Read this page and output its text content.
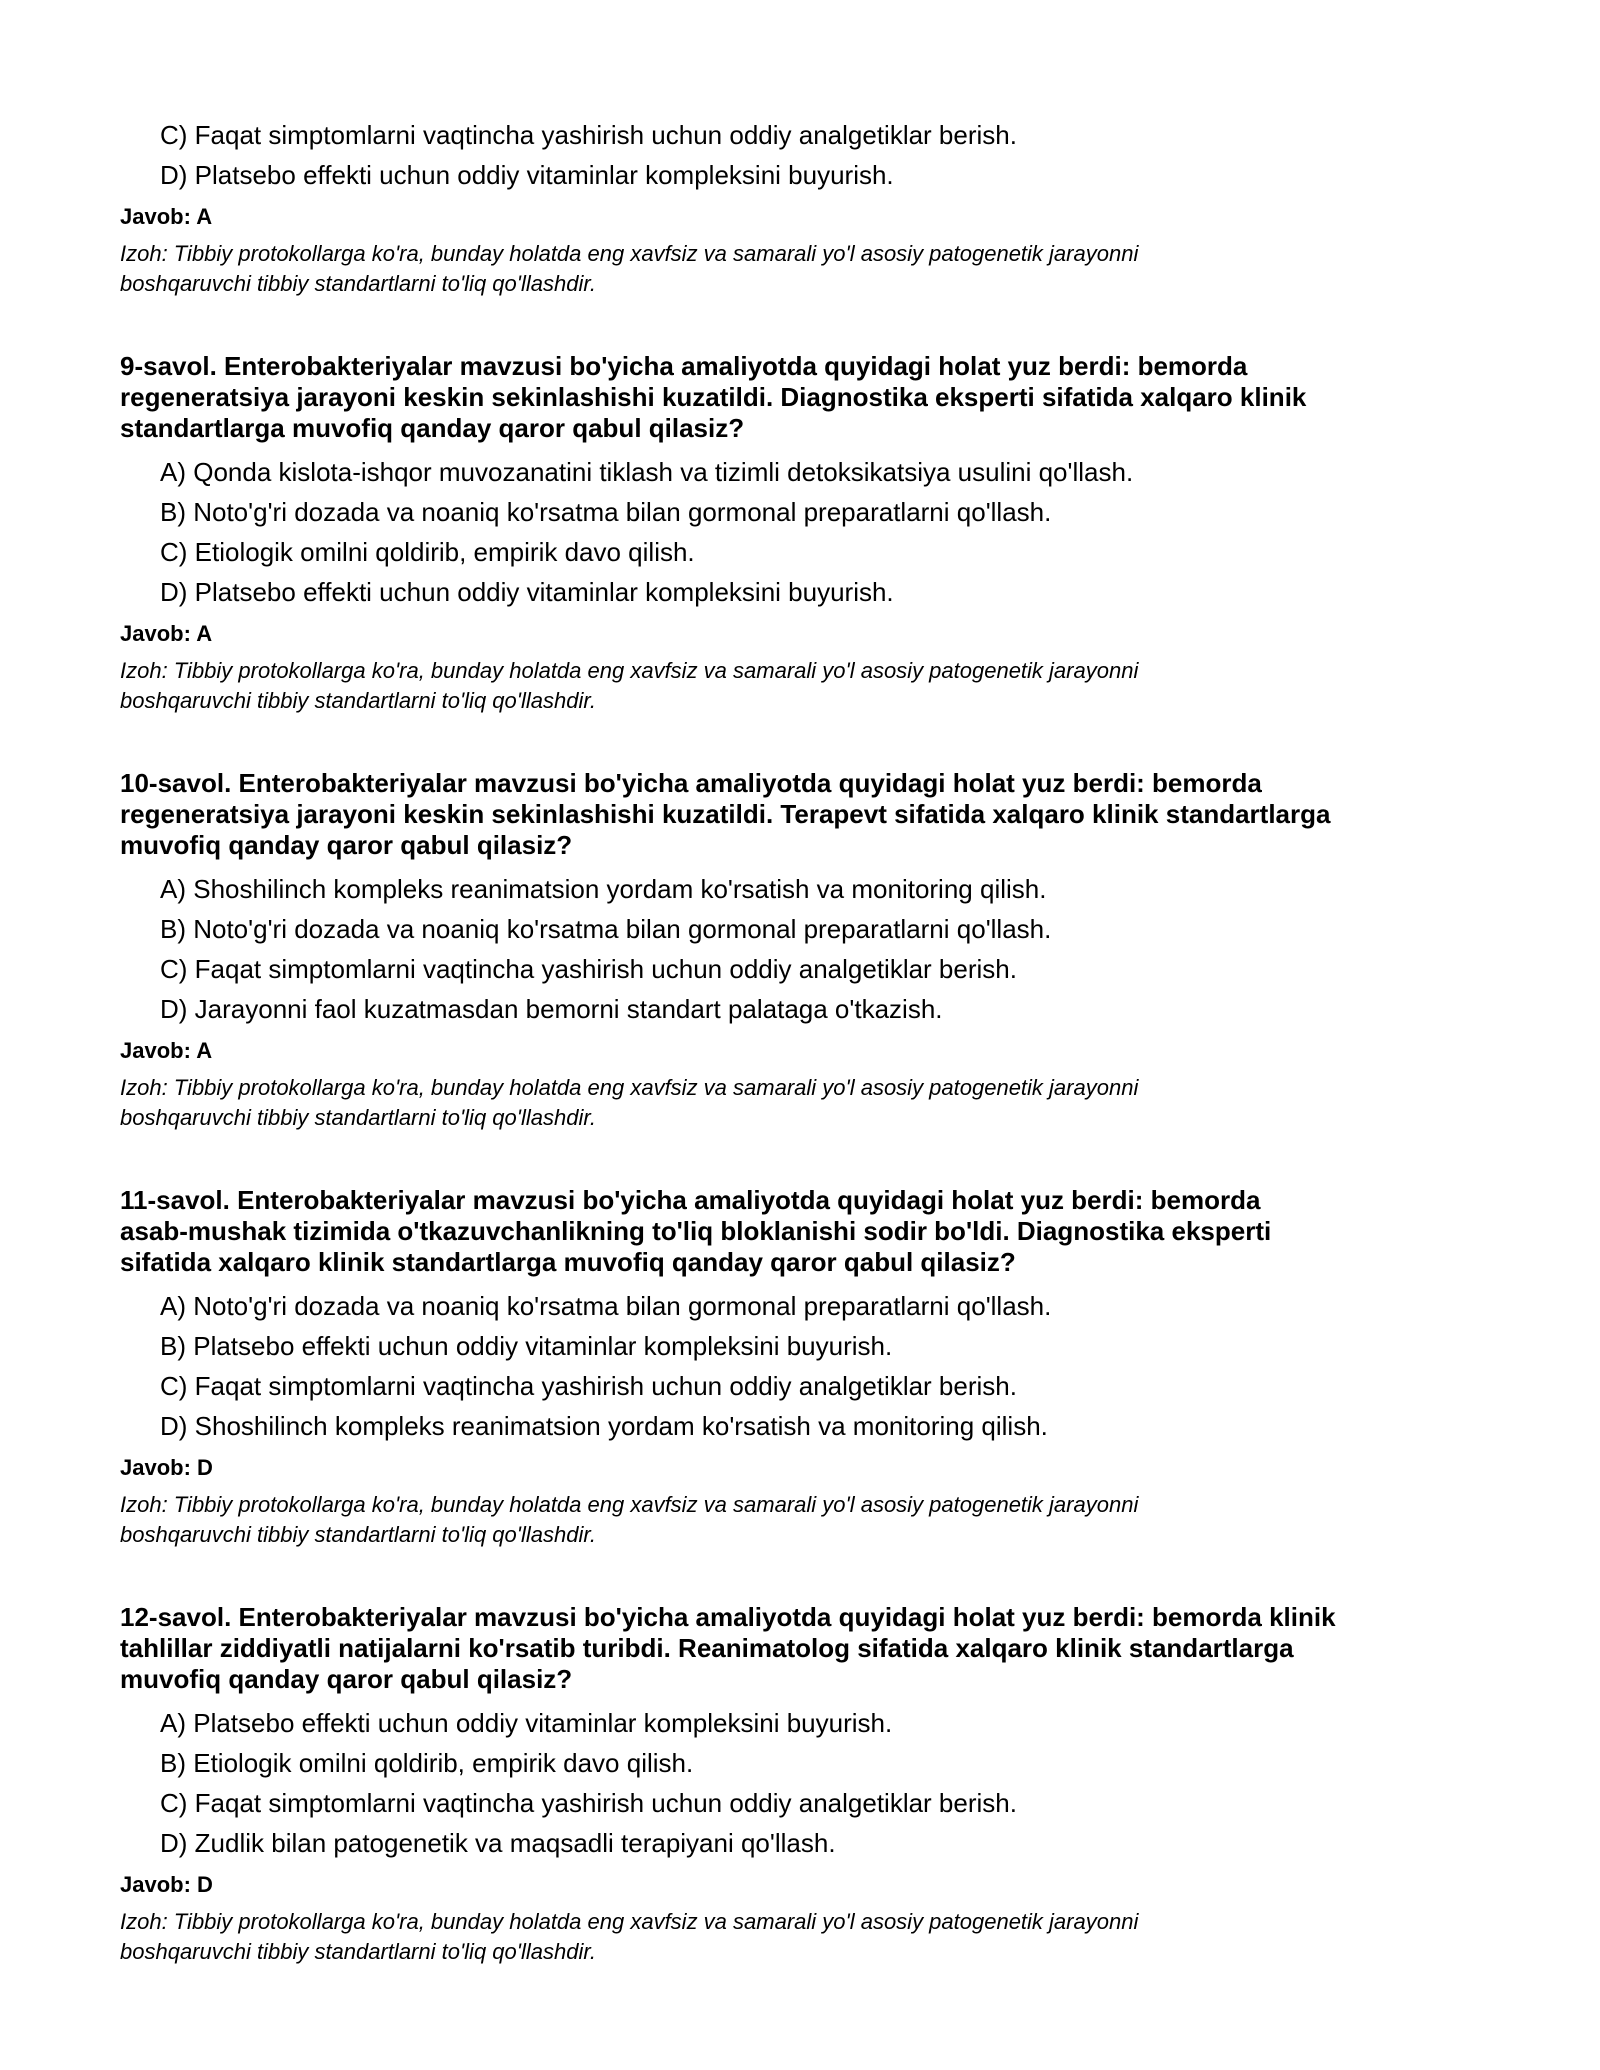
C) Faqat simptomlarni vaqtincha yashirish uchun oddiy analgetiklar berish.
D) Platsebo effekti uchun oddiy vitaminlar kompleksini buyurish.
Javob: A
Izoh: Tibbiy protokollarga ko'ra, bunday holatda eng xavfsiz va samarali yo'l asosiy patogenetik jarayonni
boshqaruvchi tibbiy standartlarni to'liq qo'llashdir.
9-savol. Enterobakteriyalar mavzusi bo'yicha amaliyotda quyidagi holat yuz berdi: bemorda
regeneratsiya jarayoni keskin sekinlashishi kuzatildi. Diagnostika eksperti sifatida xalqaro klinik
standartlarga muvofiq qanday qaror qabul qilasiz?
A) Qonda kislota-ishqor muvozanatini tiklash va tizimli detoksikatsiya usulini qo'llash.
B) Noto'g'ri dozada va noaniq ko'rsatma bilan gormonal preparatlarni qo'llash.
C) Etiologik omilni qoldirib, empirik davo qilish.
D) Platsebo effekti uchun oddiy vitaminlar kompleksini buyurish.
Javob: A
Izoh: Tibbiy protokollarga ko'ra, bunday holatda eng xavfsiz va samarali yo'l asosiy patogenetik jarayonni
boshqaruvchi tibbiy standartlarni to'liq qo'llashdir.
10-savol. Enterobakteriyalar mavzusi bo'yicha amaliyotda quyidagi holat yuz berdi: bemorda
regeneratsiya jarayoni keskin sekinlashishi kuzatildi. Terapevt sifatida xalqaro klinik standartlarga
muvofiq qanday qaror qabul qilasiz?
A) Shoshilinch kompleks reanimatsion yordam ko'rsatish va monitoring qilish.
B) Noto'g'ri dozada va noaniq ko'rsatma bilan gormonal preparatlarni qo'llash.
C) Faqat simptomlarni vaqtincha yashirish uchun oddiy analgetiklar berish.
D) Jarayonni faol kuzatmasdan bemorni standart palataga o'tkazish.
Javob: A
Izoh: Tibbiy protokollarga ko'ra, bunday holatda eng xavfsiz va samarali yo'l asosiy patogenetik jarayonni
boshqaruvchi tibbiy standartlarni to'liq qo'llashdir.
11-savol. Enterobakteriyalar mavzusi bo'yicha amaliyotda quyidagi holat yuz berdi: bemorda
asab-mushak tizimida o'tkazuvchanlikning to'liq bloklanishi sodir bo'ldi. Diagnostika eksperti
sifatida xalqaro klinik standartlarga muvofiq qanday qaror qabul qilasiz?
A) Noto'g'ri dozada va noaniq ko'rsatma bilan gormonal preparatlarni qo'llash.
B) Platsebo effekti uchun oddiy vitaminlar kompleksini buyurish.
C) Faqat simptomlarni vaqtincha yashirish uchun oddiy analgetiklar berish.
D) Shoshilinch kompleks reanimatsion yordam ko'rsatish va monitoring qilish.
Javob: D
Izoh: Tibbiy protokollarga ko'ra, bunday holatda eng xavfsiz va samarali yo'l asosiy patogenetik jarayonni
boshqaruvchi tibbiy standartlarni to'liq qo'llashdir.
12-savol. Enterobakteriyalar mavzusi bo'yicha amaliyotda quyidagi holat yuz berdi: bemorda klinik
tahlillar ziddiyatli natijalarni ko'rsatib turibdi. Reanimatolog sifatida xalqaro klinik standartlarga
muvofiq qanday qaror qabul qilasiz?
A) Platsebo effekti uchun oddiy vitaminlar kompleksini buyurish.
B) Etiologik omilni qoldirib, empirik davo qilish.
C) Faqat simptomlarni vaqtincha yashirish uchun oddiy analgetiklar berish.
D) Zudlik bilan patogenetik va maqsadli terapiyani qo'llash.
Javob: D
Izoh: Tibbiy protokollarga ko'ra, bunday holatda eng xavfsiz va samarali yo'l asosiy patogenetik jarayonni
boshqaruvchi tibbiy standartlarni to'liq qo'llashdir.
